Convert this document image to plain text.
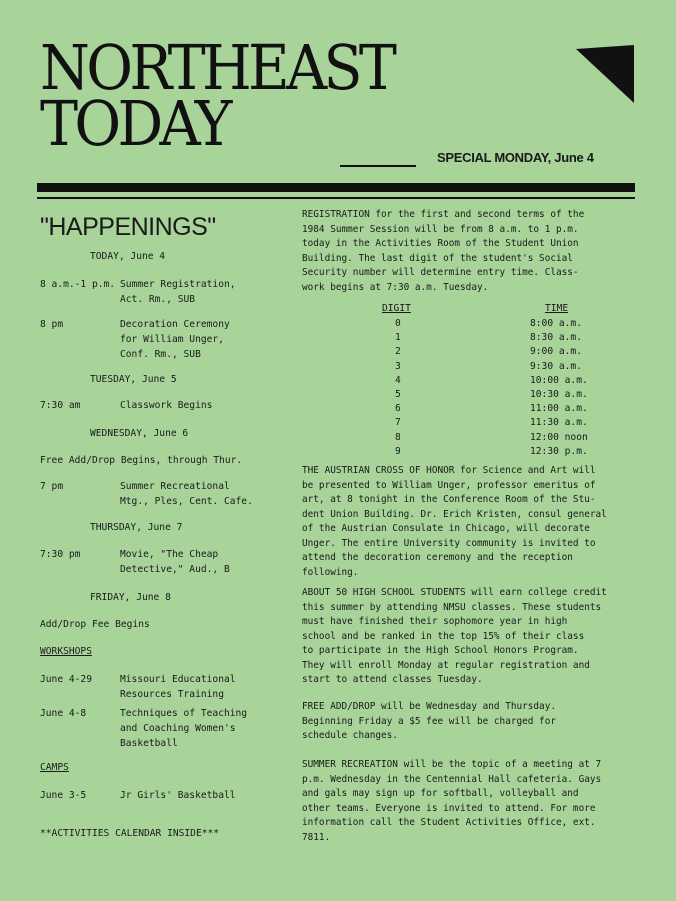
NORTHEAST
TODAY	SPECIAL MONDAY, June 4
"HAPPENINGS"
TODAY, June 4
8 a.m.-1 p.m. Summer Registration,
Act. Rm., SUB
8 pm	Decoration Ceremony
for William Unger,
Conf. Rm., SUB
TUESDAY, June 5
7:30 am	Classwork Begins
WEDNESDAY, June 6
Free Add/Drop Begins, through Thur.
7 pm	Summer Recreational
Mtg., Ples, Cent. Cafe.
THURSDAY, June 7
7:30 pm	Movie, "The Cheap
Detective," Aud., B
FRIDAY, June 8
Add/Drop Fee Begins
WORKSHOPS
June 4-29	Missouri Educational
Resources Training
June 4-8	Techniques of Teaching
and Coaching Women's
Basketball
CAMPS
June 3-5	Jr Girls' Basketball
**ACTIVITIES CALENDAR INSIDE***
REGISTRATION for the first and second terms of the
1984 Summer Session will be from 8 a.m. to 1 p.m.
today in the Activities Room of the Student Union
Building. The last digit of the student's Social
Security number will determine entry time. Class-
work begins at 7:30 a.m. Tuesday.
DIGIT	TIME
0	8:00 a.m.
1	8:30 a.m.
2	9:00 a.m.
3	9:30 a.m.
4	10:00 a.m.
5	10:30 a.m.
6	11:00 a.m.
7	11:30 a.m.
8	12:00 noon
9	12:30 p.m.
THE AUSTRIAN CROSS OF HONOR for Science and Art will
be presented to William Unger, professor emeritus of
art, at 8 tonight in the Conference Room of the Stu-
dent Union Building. Dr. Erich Kristen, consul general
of the Austrian Consulate in Chicago, will decorate
Unger. The entire University community is invited to
attend the decoration ceremony and the reception
following.
ABOUT 50 HIGH SCHOOL STUDENTS will earn college credit
this summer by attending NMSU classes. These students
must have finished their sophomore year in high
school and be ranked in the top 15% of their class
to participate in the High School Honors Program.
They will enroll Monday at regular registration and
start to attend classes Tuesday.
FREE ADD/DROP will be Wednesday and Thursday.
Beginning Friday a $5 fee will be charged for
schedule changes.
SUMMER RECREATION will be the topic of a meeting at 7
p.m. Wednesday in the Centennial Hall cafeteria. Gays
and gals may sign up for softball, volleyball and
other teams. Everyone is invited to attend. For more
information call the Student Activities Office, ext.
7811.
